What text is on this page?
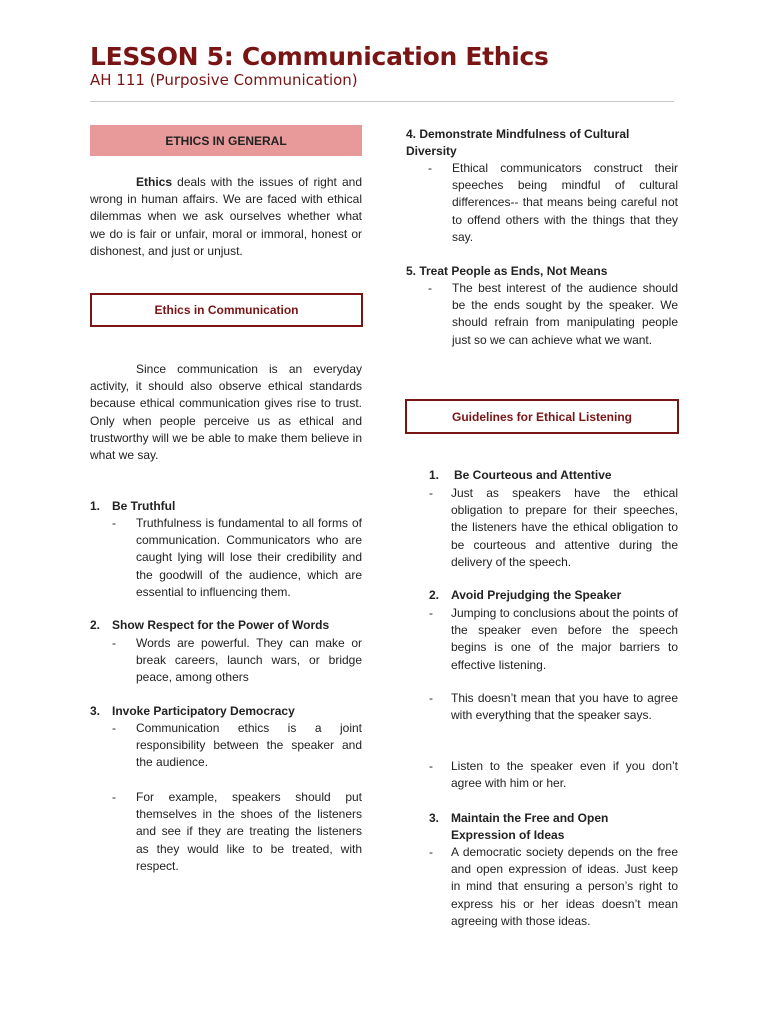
LESSON 5: Communication Ethics

AH 111 (Purposive Communication)

ETHICS IN GENERAL

Ethics deals with the issues of right and wrong in human affairs. We are faced with ethical dilemmas when we ask ourselves whether what we do is fair or unfair, moral or immoral, honest or dishonest, and just or unjust.

Ethics in Communication

Since communication is an everyday activity, it should also observe ethical standards because ethical communication gives rise to trust. Only when people perceive us as ethical and trustworthy will we be able to make them believe in what we say.

1. Be Truthful

- Truthfulness is fundamental to all forms of communication. Communicators who are caught lying will lose their credibility and the goodwill of the audience, which are essential to influencing them.

2. Show Respect for the Power of Words

- Words are powerful. They can make or break careers, launch wars, or bridge peace, among others

3. Invoke Participatory Democracy

- Communication ethics is a joint responsibility between the speaker and the audience.

- For example, speakers should put themselves in the shoes of the listeners and see if they are treating the listeners as they would like to be treated, with respect.

4. Demonstrate Mindfulness of Cultural Diversity

- Ethical communicators construct their speeches being mindful of cultural differences-- that means being careful not to offend others with the things that they say.

5. Treat People as Ends, Not Means

- The best interest of the audience should be the ends sought by the speaker. We should refrain from manipulating people just so we can achieve what we want.

Guidelines for Ethical Listening

1. Be Courteous and Attentive

- Just as speakers have the ethical obligation to prepare for their speeches, the listeners have the ethical obligation to be courteous and attentive during the delivery of the speech.

2. Avoid Prejudging the Speaker

- Jumping to conclusions about the points of the speaker even before the speech begins is one of the major barriers to effective listening.

- This doesn’t mean that you have to agree with everything that the speaker says.

- Listen to the speaker even if you don’t agree with him or her.

3. Maintain the Free and Open Expression of Ideas

- A democratic society depends on the free and open expression of ideas. Just keep in mind that ensuring a person’s right to express his or her ideas doesn’t mean agreeing with those ideas.
